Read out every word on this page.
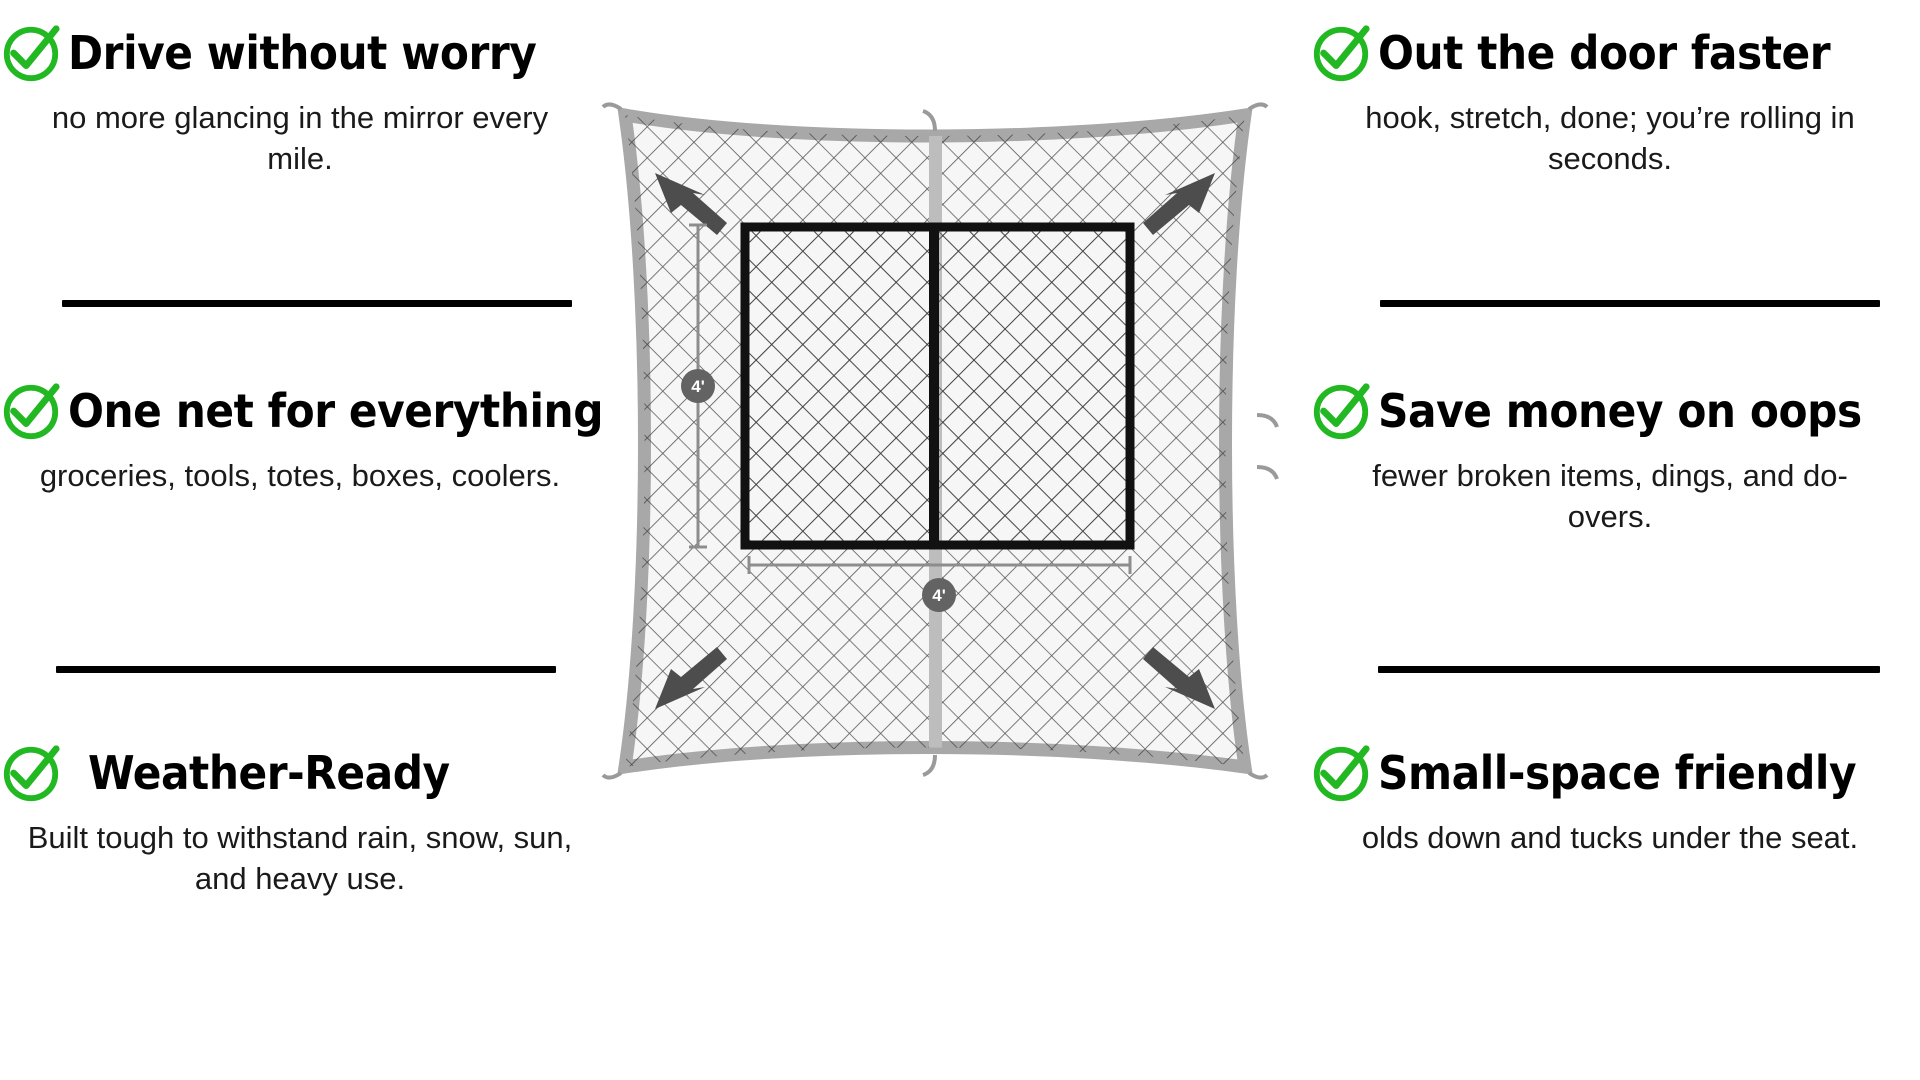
Drive without worry
no more glancing in the mirror every mile.
One net for everything
groceries, tools, totes, boxes, coolers.
Weather-Ready
Built tough to withstand rain, snow, sun, and heavy use.
Out the door faster
hook, stretch, done; you’re rolling in seconds.
Save money on oops
fewer broken items, dings, and do-overs.
Small-space friendly
olds down and tucks under the seat.
4'
4'
